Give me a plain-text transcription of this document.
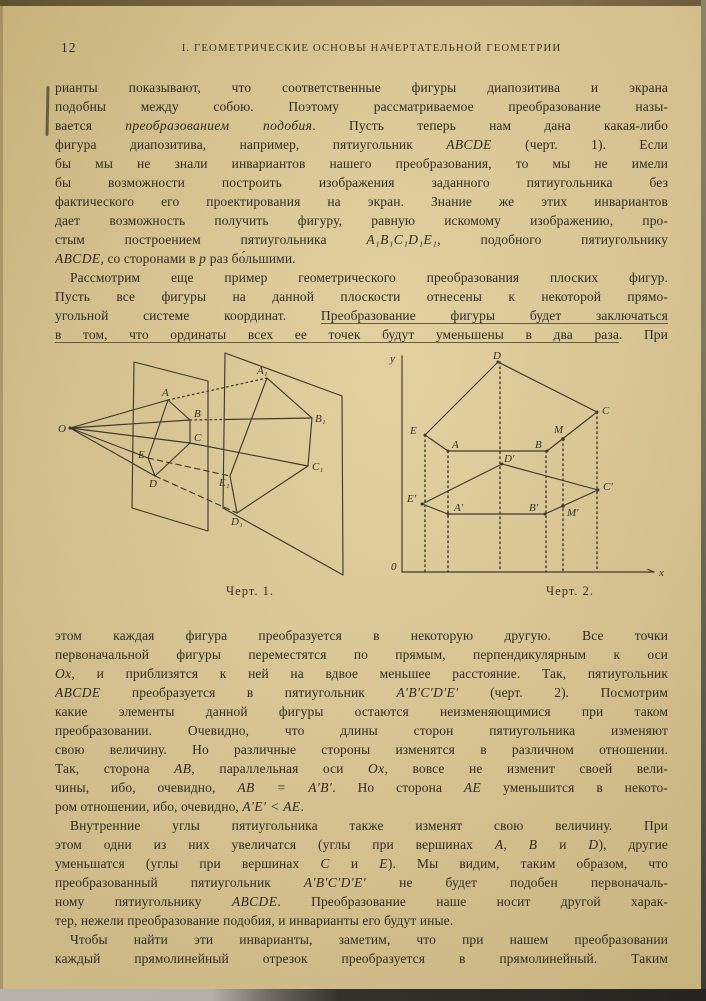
12	I. ГЕОМЕТРИЧЕСКИЕ ОСНОВЫ НАЧЕРТАТЕЛЬНОЙ ГЕОМЕТРИИ
рианты показывают, что соответственные фигуры диапозитива и экрана
подобны между собою. Поэтому рассматриваемое преобразование назы-
вается преобразованием подобия. Пусть теперь нам дана какая-либо
фигура диапозитива, например, пятиугольник ABCDE (черт. 1). Если
бы мы не знали инвариантов нашего преобразования, то мы не имели
бы возможности построить изображения заданного пятиугольника без
фактического его проектирования на экран. Знание же этих инвариантов
дает возможность получить фигуру, равную искомому изображению, про-
стым построением пятиугольника A₁B₁C₁D₁E₁, подобного пятиугольнику
ABCDE, со сторонами в p раз бо́льшими.
Рассмотрим еще пример геометрического преобразования плоских фигур.
Пусть все фигуры на данной плоскости отнесены к некоторой прямо-
угольной системе координат. Преобразование фигуры будет заключаться
в том, что ординаты всех ее точек будут уменьшены в два раза. При
O
A
B
C
E
D
A₁
B₁
C₁
E₁
D₁
y
0	x
D
C
M
E
A	B
D′
C′
E′
A′	B′	M′
Черт. 1.	Черт. 2.
этом каждая фигура преобразуется в некоторую другую. Все точки
первоначальной фигуры переместятся по прямым, перпендикулярным к оси
Ox, и приблизятся к ней на вдвое меньшее расстояние. Так, пятиугольник
ABCDE преобразуется в пятиугольник A′B′C′D′E′ (черт. 2). Посмотрим
какие элементы данной фигуры остаются неизменяющимися при таком
преобразовании. Очевидно, что длины сторон пятиугольника изменяют
свою величину. Но различные стороны изменятся в различном отношении.
Так, сторона AB, параллельная оси Ox, вовсе не изменит своей вели-
чины, ибо, очевидно, AB = A′B′. Но сторона AE уменьшится в некото-
ром отношении, ибо, очевидно, A′E′ < AE.
Внутренние углы пятиугольника также изменят свою величину. При
этом одни из них увеличатся (углы при вершинах A, B и D), другие
уменьшатся (углы при вершинах C и E). Мы видим, таким образом, что
преобразованный пятиугольник A′B′C′D′E′ не будет подобен первоначаль-
ному пятиугольнику ABCDE. Преобразование наше носит другой харак-
тер, нежели преобразование подобия, и инварианты его будут иные.
Чтобы найти эти инварианты, заметим, что при нашем преобразовании
каждый прямолинейный отрезок преобразуется в прямолинейный. Таким
